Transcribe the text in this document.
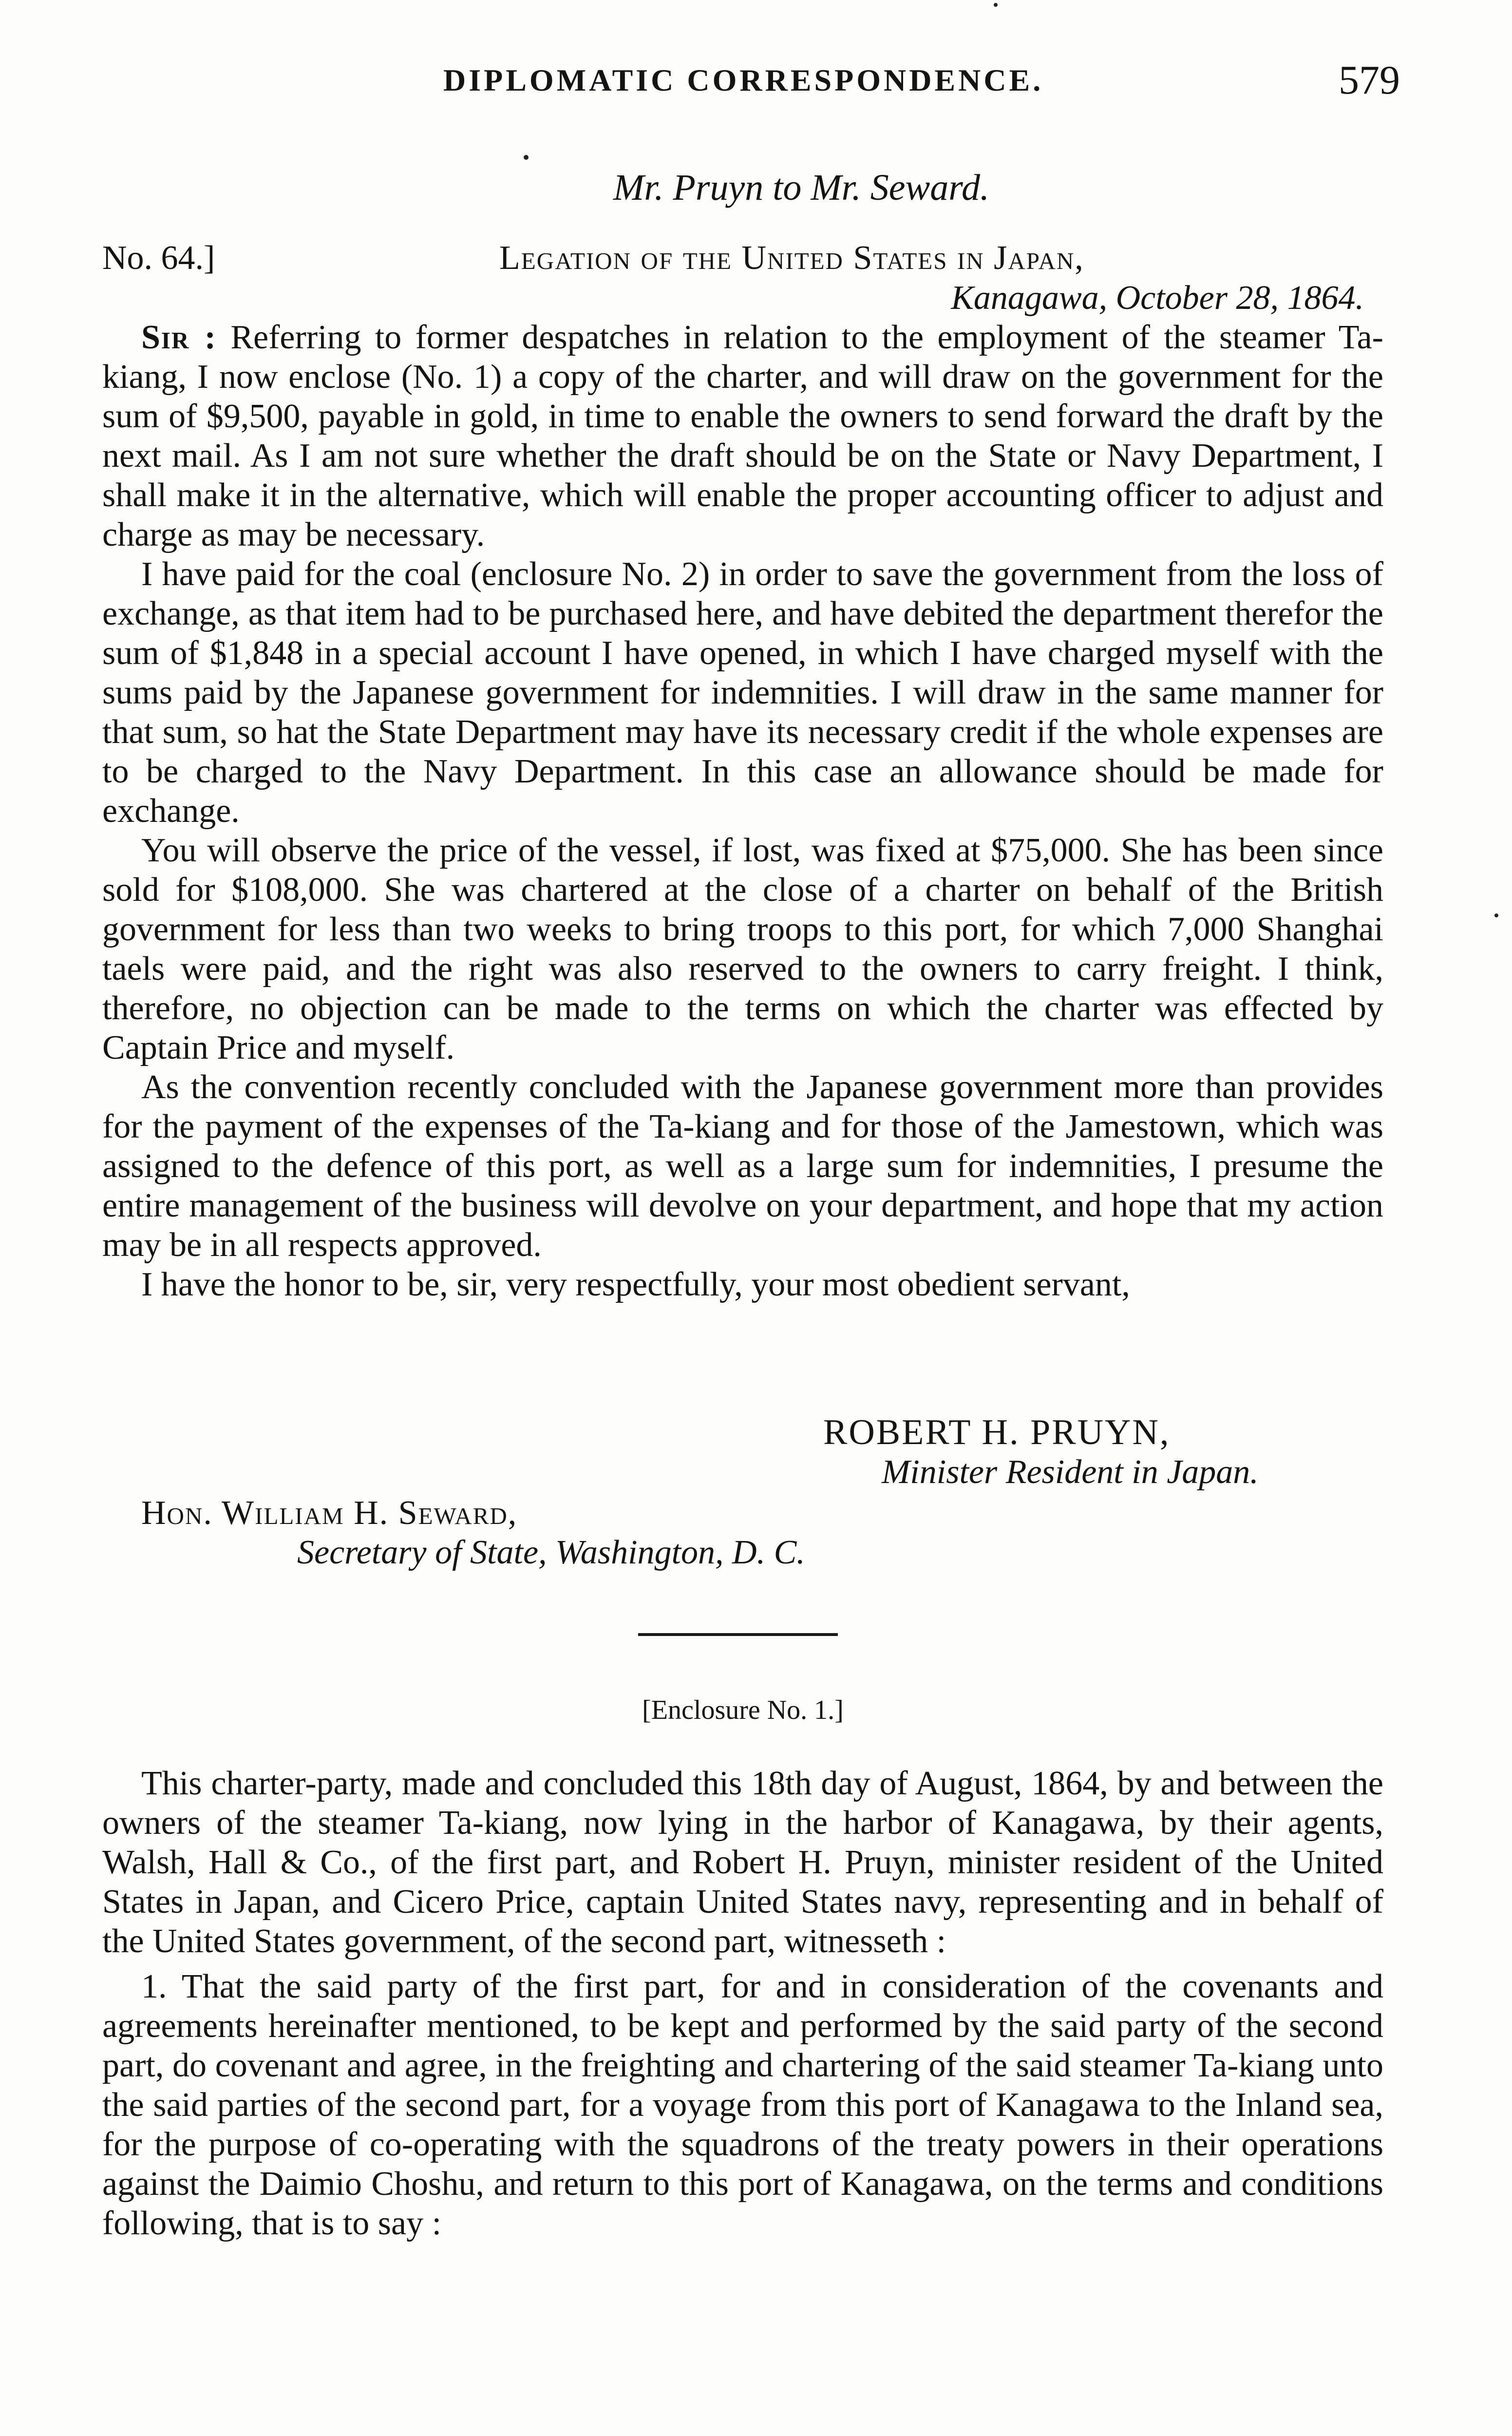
DIPLOMATIC CORRESPONDENCE.	579

Mr. Pruyn to Mr. Seward.

No. 64.]	Legation of the United States in Japan,

Kanagawa, October 28, 1864.

Sir : Referring to former despatches in relation to the employment of the steamer Ta-kiang, I now enclose (No. 1) a copy of the charter, and will draw on the government for the sum of $9,500, payable in gold, in time to enable the owners to send forward the draft by the next mail. As I am not sure whether the draft should be on the State or Navy Department, I shall make it in the alternative, which will enable the proper accounting officer to adjust and charge as may be necessary.

I have paid for the coal (enclosure No. 2) in order to save the government from the loss of exchange, as that item had to be purchased here, and have debited the department therefor the sum of $1,848 in a special account I have opened, in which I have charged myself with the sums paid by the Japanese government for indemnities. I will draw in the same manner for that sum, so hat the State Department may have its necessary credit if the whole expenses are to be charged to the Navy Department. In this case an allowance should be made for exchange.

You will observe the price of the vessel, if lost, was fixed at $75,000. She has been since sold for $108,000. She was chartered at the close of a charter on behalf of the British government for less than two weeks to bring troops to this port, for which 7,000 Shanghai taels were paid, and the right was also reserved to the owners to carry freight. I think, therefore, no objection can be made to the terms on which the charter was effected by Captain Price and myself.

As the convention recently concluded with the Japanese government more than provides for the payment of the expenses of the Ta-kiang and for those of the Jamestown, which was assigned to the defence of this port, as well as a large sum for indemnities, I presume the entire management of the business will devolve on your department, and hope that my action may be in all respects approved.

I have the honor to be, sir, very respectfully, your most obedient servant,

ROBERT H. PRUYN,

Minister Resident in Japan.

Hon. William H. Seward,

Secretary of State, Washington, D. C.

[Enclosure No. 1.]

This charter-party, made and concluded this 18th day of August, 1864, by and between the owners of the steamer Ta-kiang, now lying in the harbor of Kanagawa, by their agents, Walsh, Hall & Co., of the first part, and Robert H. Pruyn, minister resident of the United States in Japan, and Cicero Price, captain United States navy, representing and in behalf of the United States government, of the second part, witnesseth :

1. That the said party of the first part, for and in consideration of the covenants and agreements hereinafter mentioned, to be kept and performed by the said party of the second part, do covenant and agree, in the freighting and chartering of the said steamer Ta-kiang unto the said parties of the second part, for a voyage from this port of Kanagawa to the Inland sea, for the purpose of co-operating with the squadrons of the treaty powers in their operations against the Daimio Choshu, and return to this port of Kanagawa, on the terms and conditions following, that is to say :
